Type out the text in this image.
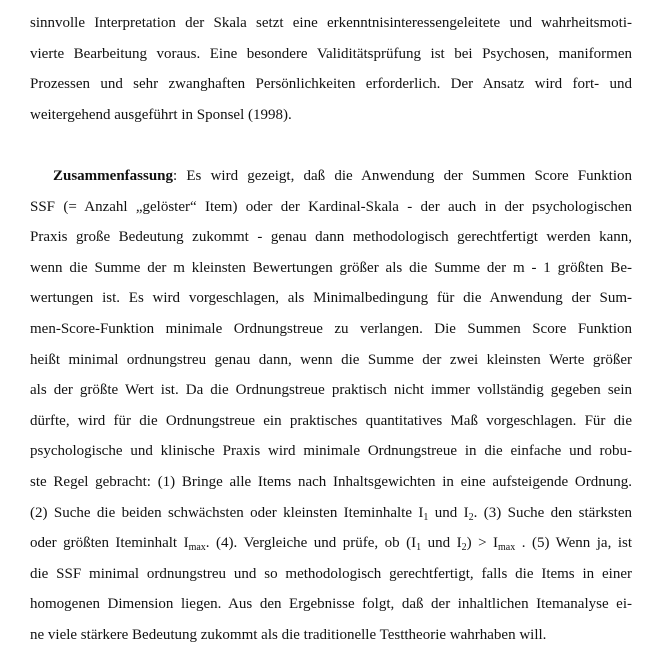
sinnvolle Interpretation der Skala setzt eine erkenntnisinteressengeleitete und wahrheitsmoti-
vierte Bearbeitung voraus. Eine besondere Validitätsprüfung ist bei Psychosen, maniformen
Prozessen und sehr zwanghaften Persönlichkeiten erforderlich. Der Ansatz wird fort- und
weitergehend ausgeführt in Sponsel (1998).
Zusammenfassung: Es wird gezeigt, daß die Anwendung der Summen Score Funktion
SSF (= Anzahl „gelöster“ Item) oder der Kardinal-Skala - der auch in der psychologischen
Praxis große Bedeutung zukommt - genau dann methodologisch gerechtfertigt werden kann,
wenn die Summe der m kleinsten Bewertungen größer als die Summe der m - 1 größten Be-
wertungen ist. Es wird vorgeschlagen, als Minimalbedingung für die Anwendung der Sum-
men-Score-Funktion minimale Ordnungstreue zu verlangen. Die Summen Score Funktion
heißt minimal ordnungstreu genau dann, wenn die Summe der zwei kleinsten Werte größer
als der größte Wert ist. Da die Ordnungstreue praktisch nicht immer vollständig gegeben sein
dürfte, wird für die Ordnungstreue ein praktisches quantitatives Maß vorgeschlagen. Für die
psychologische und klinische Praxis wird minimale Ordnungstreue in die einfache und robu-
ste Regel gebracht: (1) Bringe alle Items nach Inhaltsgewichten in eine aufsteigende Ordnung.
(2) Suche die beiden schwächsten oder kleinsten Iteminhalte $I_1$ und $I_2$. (3) Suche den stärksten
oder größten Iteminhalt $I_{max}$. (4). Vergleiche und prüfe, ob ($I_1$ und $I_2) > I_{max}$ . (5) Wenn ja, ist
die SSF minimal ordnungstreu und so methodologisch gerechtfertigt, falls die Items in einer
homogenen Dimension liegen. Aus den Ergebnisse folgt, daß der inhaltlichen Itemanalyse ei-
ne viele stärkere Bedeutung zukommt als die traditionelle Testtheorie wahrhaben will.
